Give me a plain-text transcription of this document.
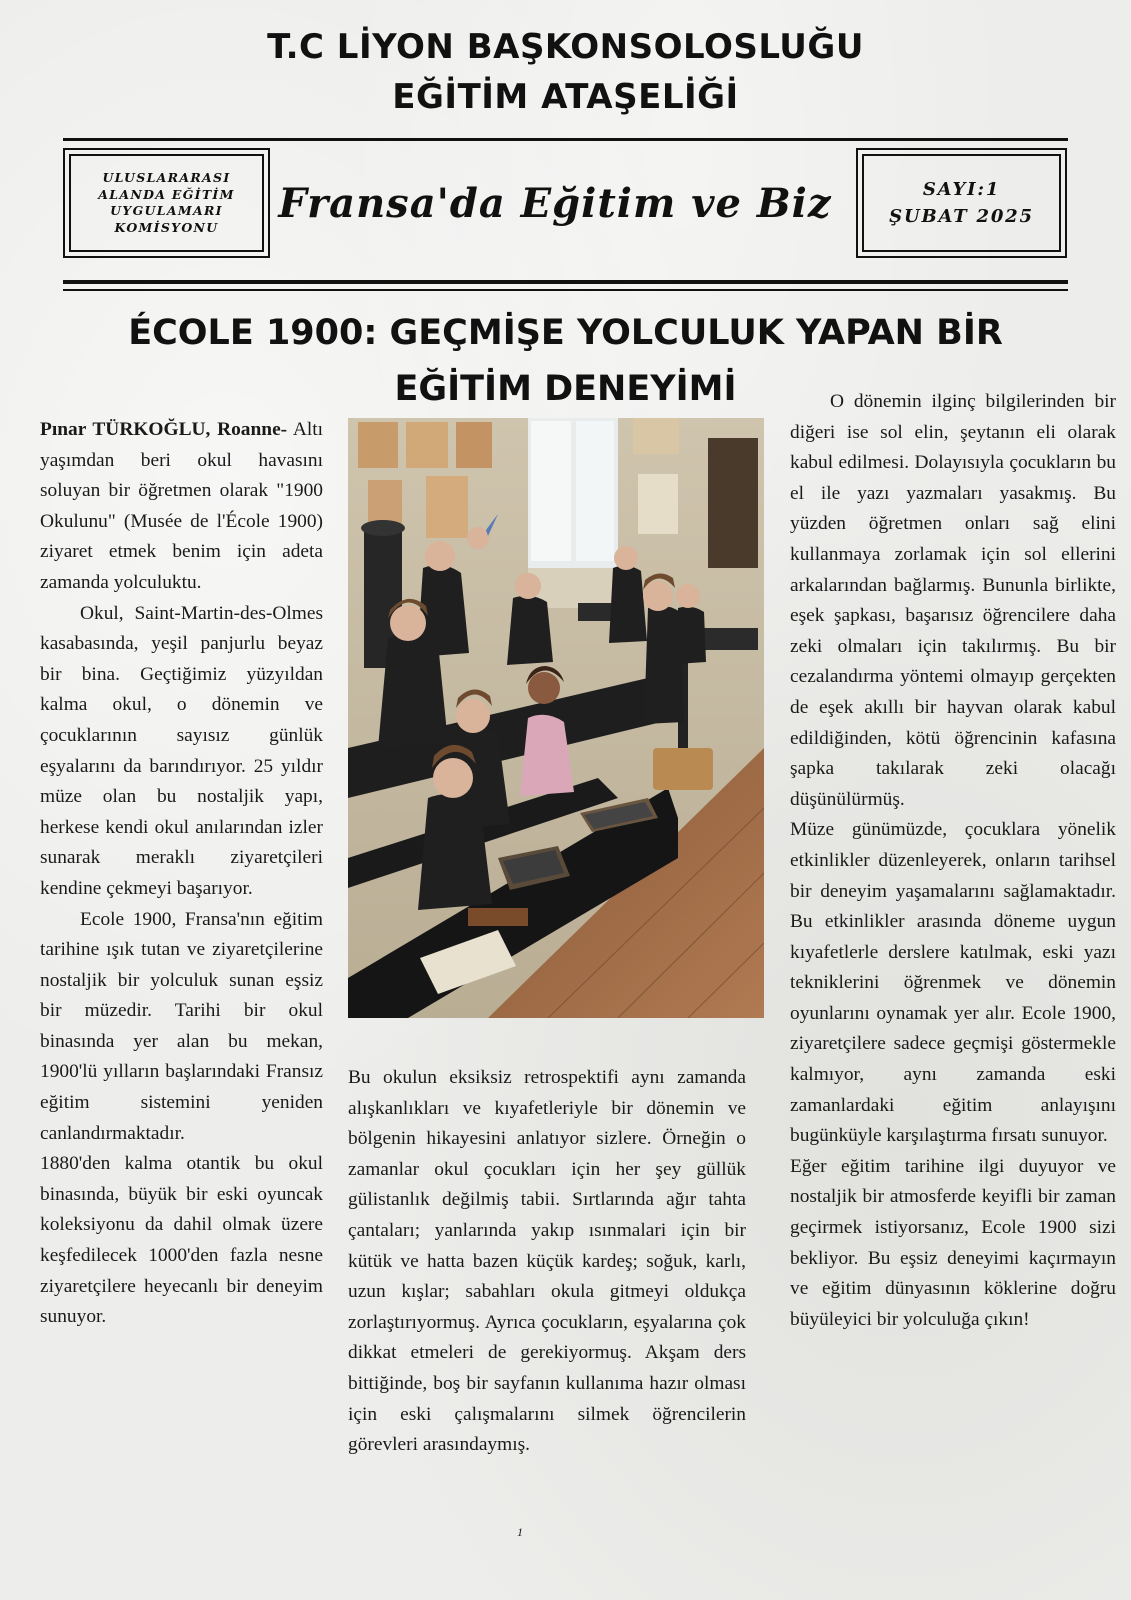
T.C LİYON BAŞKONSOLOSLUĞU
EĞİTİM ATAŞELİĞİ
ULUSLARARASI
ALANDA EĞİTİM
UYGULAMARI
KOMİSYONU	Fransa'da Eğitim ve Biz	SAYI:1
ŞUBAT 2025
ÉCOLE 1900: GEÇMİŞE YOLCULUK YAPAN BİR
EĞİTİM DENEYİMİ

Pınar TÜRKOĞLU, Roanne- Altı yaşımdan beri okul havasını soluyan bir öğretmen olarak "1900 Okulunu" (Musée de l'École 1900) ziyaret etmek benim için adeta zamanda yolculuktu.

Okul, Saint-Martin-des-Olmes kasabasında, yeşil panjurlu beyaz bir bina. Geçtiğimiz yüzyıldan kalma okul, o dönemin ve çocuklarının sayısız günlük eşyalarını da barındırıyor. 25 yıldır müze olan bu nostaljik yapı, herkese kendi okul anılarından izler sunarak meraklı ziyaretçileri kendine çekmeyi başarıyor.

Ecole 1900, Fransa'nın eğitim tarihine ışık tutan ve ziyaretçilerine nostaljik bir yolculuk sunan eşsiz bir müzedir. Tarihi bir okul binasında yer alan bu mekan, 1900'lü yılların başlarındaki Fransız eğitim sistemini yeniden canlandırmaktadır.

1880'den kalma otantik bu okul binasında, büyük bir eski oyuncak koleksiyonu da dahil olmak üzere keşfedilecek 1000'den fazla nesne ziyaretçilere heyecanlı bir deneyim sunuyor.

Bu okulun eksiksiz retrospektifi aynı zamanda alışkanlıkları ve kıyafetleriyle bir dönemin ve bölgenin hikayesini anlatıyor sizlere. Örneğin o zamanlar okul çocukları için her şey güllük gülistanlık değilmiş tabii. Sırtlarında ağır tahta çantaları; yanlarında yakıp ısınmalari için bir kütük ve hatta bazen küçük kardeş; soğuk, karlı, uzun kışlar; sabahları okula gitmeyi oldukça zorlaştırıyormuş. Ayrıca çocukların, eşyalarına çok dikkat etmeleri de gerekiyormuş. Akşam ders bittiğinde, boş bir sayfanın kullanıma hazır olması için eski çalışmalarını silmek öğrencilerin görevleri arasındaymış.

O dönemin ilginç bilgilerinden bir diğeri ise sol elin, şeytanın eli olarak kabul edilmesi. Dolayısıyla çocukların bu el ile yazı yazmaları yasakmış. Bu yüzden öğretmen onları sağ elini kullanmaya zorlamak için sol ellerini arkalarından bağlarmış. Bununla birlikte, eşek şapkası, başarısız öğrencilere daha zeki olmaları için takılırmış. Bu bir cezalandırma yöntemi olmayıp gerçekten de eşek akıllı bir hayvan olarak kabul edildiğinden, kötü öğrencinin kafasına şapka takılarak zeki olacağı düşünülürmüş.

Müze günümüzde, çocuklara yönelik etkinlikler düzenleyerek, onların tarihsel bir deneyim yaşamalarını sağlamaktadır. Bu etkinlikler arasında döneme uygun kıyafetlerle derslere katılmak, eski yazı tekniklerini öğrenmek ve dönemin oyunlarını oynamak yer alır. Ecole 1900, ziyaretçilere sadece geçmişi göstermekle kalmıyor, aynı zamanda eski zamanlardaki eğitim anlayışını bugünküyle karşılaştırma fırsatı sunuyor.

Eğer eğitim tarihine ilgi duyuyor ve nostaljik bir atmosferde keyifli bir zaman geçirmek istiyorsanız, Ecole 1900 sizi bekliyor. Bu eşsiz deneyimi kaçırmayın ve eğitim dünyasının köklerine doğru büyüleyici bir yolculuğa çıkın!

1
